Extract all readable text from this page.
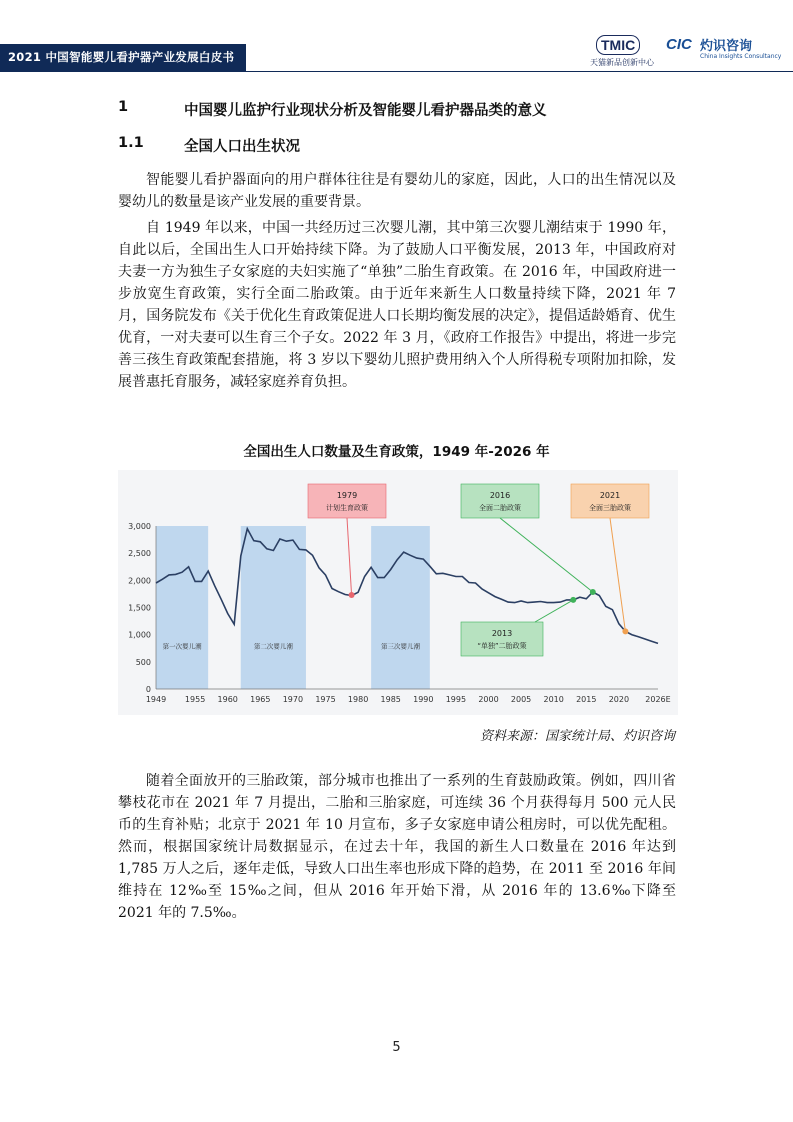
2021 中国智能婴儿看护器产业发展白皮书
TMIC
天猫新品创新中心
CIC 灼识咨询
China Insights Consultancy
1	中国婴儿监护行业现状分析及智能婴儿看护器品类的意义
1.1	全国人口出生状况

智能婴儿看护器面向的用户群体往往是有婴幼儿的家庭，因此，人口的出生情况以及婴幼儿的数量是该产业发展的重要背景。

自 1949 年以来，中国一共经历过三次婴儿潮，其中第三次婴儿潮结束于 1990 年，自此以后，全国出生人口开始持续下降。为了鼓励人口平衡发展，2013 年，中国政府对夫妻一方为独生子女家庭的夫妇实施了“单独”二胎生育政策。在 2016 年，中国政府进一步放宽生育政策，实行全面二胎政策。由于近年来新生人口数量持续下降，2021 年 7 月，国务院发布《关于优化生育政策促进人口长期均衡发展的决定》，提倡适龄婚育、优生优育，一对夫妻可以生育三个子女。2022 年 3 月，《政府工作报告》中提出，将进一步完善三孩生育政策配套措施，将 3 岁以下婴幼儿照护费用纳入个人所得税专项附加扣除，发展普惠托育服务，减轻家庭养育负担。

全国出生人口数量及生育政策，1949 年-2026 年
第一次婴儿潮	第二次婴儿潮	第三次婴儿潮
0
500
1,000
1,500
2,000
2,500
3,000
1949 1955 1960 1965 1970 1975 1980 1985 1990 1995 2000 2005 2010 2015 2020 2026E
1979
计划生育政策
2016
全面二胎政策
2021
全面三胎政策
2013
“单独”二胎政策
资料来源：国家统计局、灼识咨询

随着全面放开的三胎政策，部分城市也推出了一系列的生育鼓励政策。例如，四川省攀枝花市在 2021 年 7 月提出，二胎和三胎家庭，可连续 36 个月获得每月 500 元人民币的生育补贴；北京于 2021 年 10 月宣布，多子女家庭申请公租房时，可以优先配租。然而，根据国家统计局数据显示，在过去十年，我国的新生人口数量在 2016 年达到 1,785 万人之后，逐年走低，导致人口出生率也形成下降的趋势，在 2011 至 2016 年间维持在 12‰至 15‰之间，但从 2016 年开始下滑，从 2016 年的 13.6‰下降至 2021 年的 7.5‰。

5
